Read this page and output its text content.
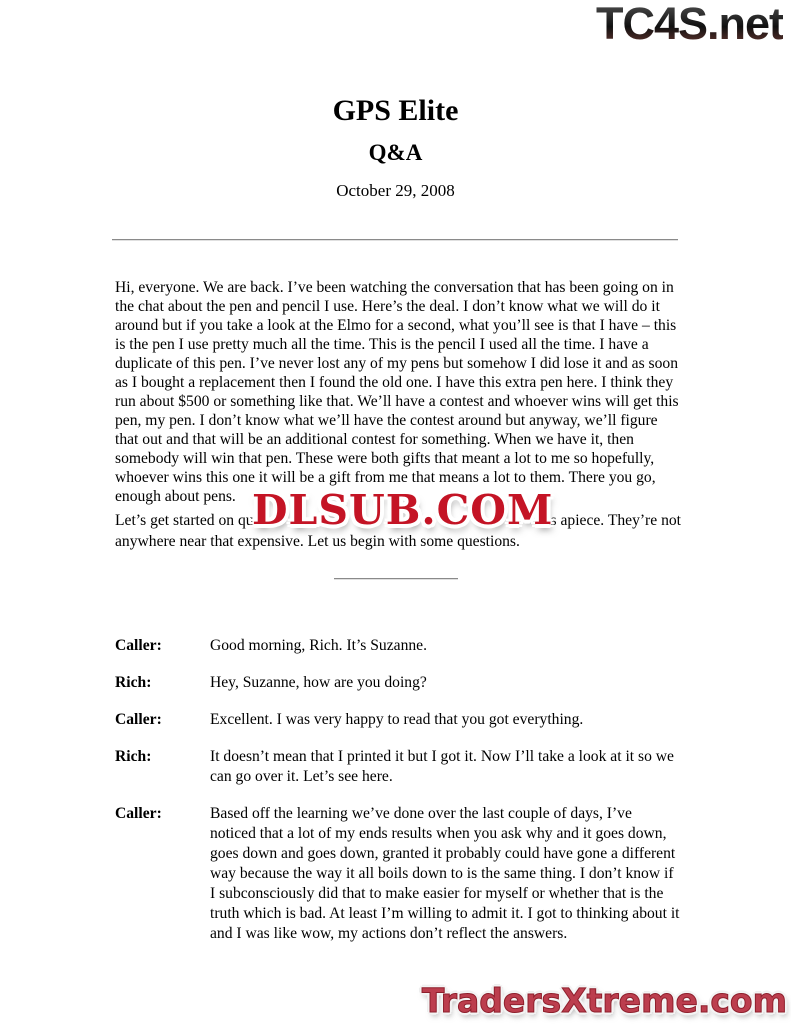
TC4S.net
GPS Elite
Q&A
October 29, 2008
Hi, everyone. We are back. I’ve been watching the conversation that has been going on in the chat about the pen and pencil I use. Here’s the deal. I don’t know what we will do it around but if you take a look at the Elmo for a second, what you’ll see is that I have – this is the pen I use pretty much all the time. This is the pencil I used all the time. I have a duplicate of this pen. I’ve never lost any of my pens but somehow I did lose it and as soon as I bought a replacement then I found the old one. I have this extra pen here. I think they run about $500 or something like that. We’ll have a contest and whoever wins will get this pen, my pen. I don’t know what we’ll have the contest around but anyway, we’ll figure that out and that will be an additional contest for something. When we have it, then somebody will win that pen. These were both gifts that meant a lot to me so hopefully, whoever wins this one it will be a gift from me that means a lot to them. There you go, enough about pens.
Let’s get started on qu	ks apiece. They’re not
anywhere near that expensive. Let us begin with some questions.
DLSUB.COM
Caller:	Good morning, Rich. It’s Suzanne.
Rich:	Hey, Suzanne, how are you doing?
Caller:	Excellent. I was very happy to read that you got everything.
Rich:	It doesn’t mean that I printed it but I got it. Now I’ll take a look at it so we can go over it. Let’s see here.
Caller:	Based off the learning we’ve done over the last couple of days, I’ve noticed that a lot of my ends results when you ask why and it goes down, goes down and goes down, granted it probably could have gone a different way because the way it all boils down to is the same thing. I don’t know if I subconsciously did that to make easier for myself or whether that is the truth which is bad. At least I’m willing to admit it. I got to thinking about it and I was like wow, my actions don’t reflect the answers.
TradersXtreme.com
